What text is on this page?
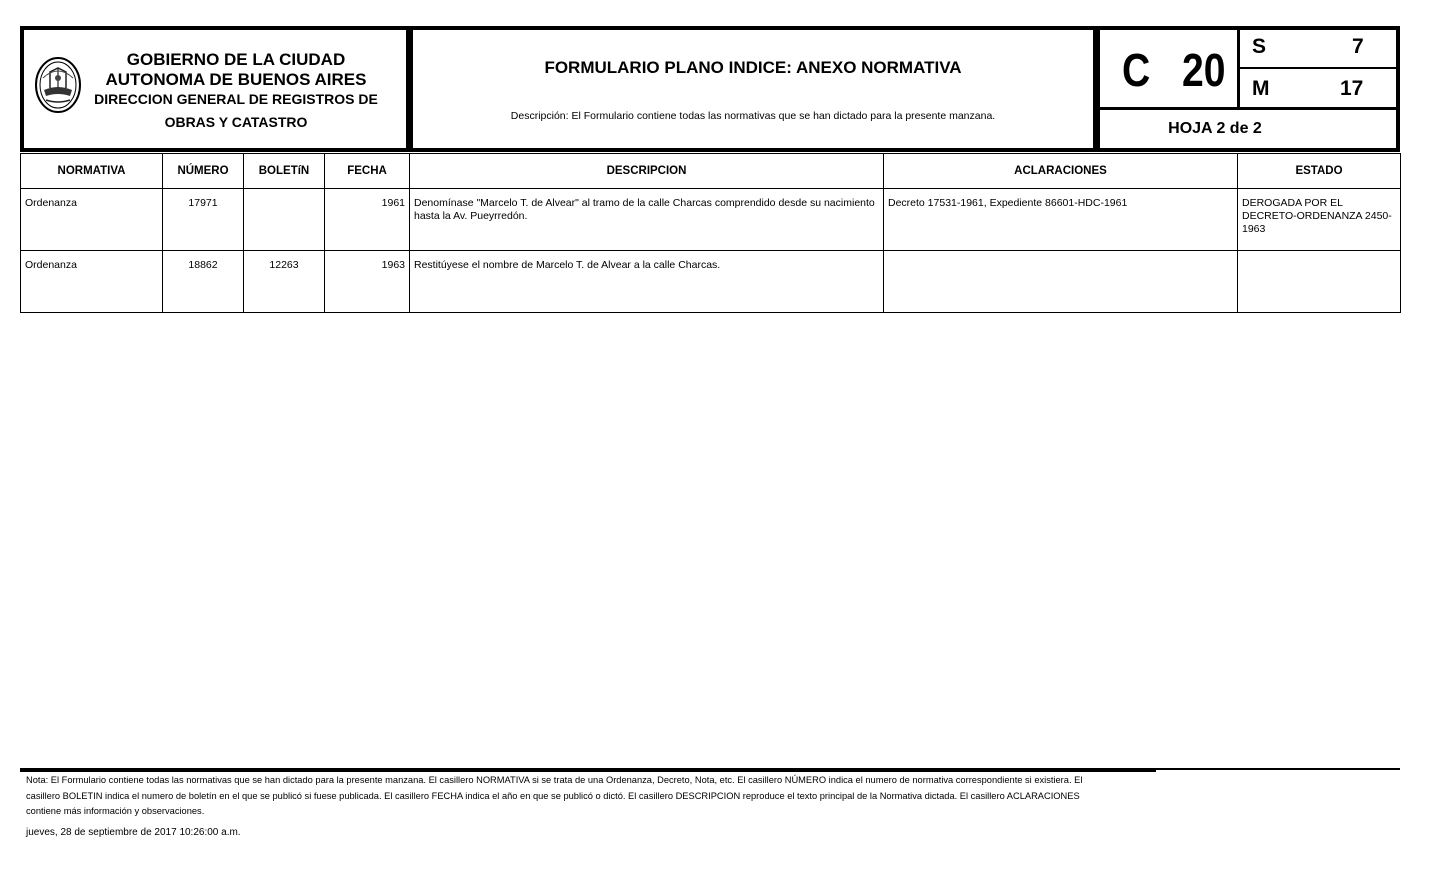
GOBIERNO DE LA CIUDAD
AUTONOMA DE BUENOS AIRES
DIRECCION GENERAL DE REGISTROS DE
OBRAS Y CATASTRO
FORMULARIO PLANO INDICE: ANEXO NORMATIVA
Descripción: El Formulario contiene todas las normativas que se han dictado para la presente manzana.
C 20 S	7
M	17
HOJA 2 de 2
NORMATIVA	NÚMERO	BOLETíN	FECHA	DESCRIPCION	ACLARACIONES	ESTADO
Ordenanza	17971		1961	Denomínase "Marcelo T. de Alvear" al tramo de la calle Charcas comprendido desde su nacimiento hasta la Av. Pueyrredón.	Decreto 17531-1961, Expediente 86601-HDC-1961	DEROGADA POR EL DECRETO-ORDENANZA 2450-1963
Ordenanza	18862	12263	1963	Restitúyese el nombre de Marcelo T. de Alvear a la calle Charcas.		
Nota: El Formulario contiene todas las normativas que se han dictado para la presente manzana. El casillero NORMATIVA si se trata de una Ordenanza, Decreto, Nota, etc. El casillero NÚMERO indica el numero de normativa correspondiente si existiera. El casillero BOLETIN indica el numero de boletín en el que se publicó si fuese publicada. El casillero FECHA indica el año en que se publicó o dictó. El casillero DESCRIPCION reproduce el texto principal de la Normativa dictada. El casillero ACLARACIONES contiene más información y observaciones.
jueves, 28 de septiembre de 2017 10:26:00 a.m.
